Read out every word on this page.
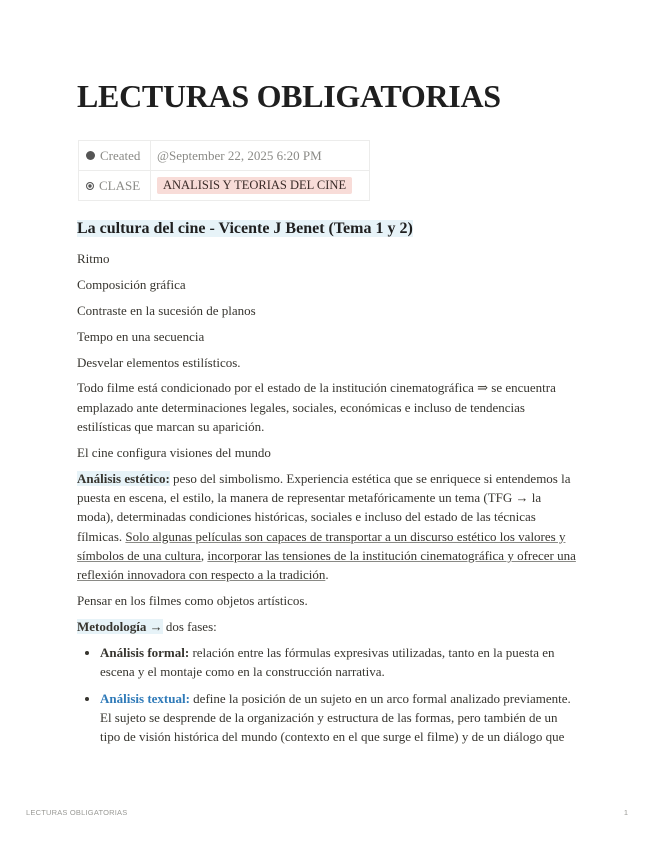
LECTURAS OBLIGATORIAS
Created	@September 22, 2025 6:20 PM
CLASE	ANALISIS Y TEORIAS DEL CINE
La cultura del cine - Vicente J Benet (Tema 1 y 2)

Ritmo

Composición gráfica

Contraste en la sucesión de planos

Tempo en una secuencia

Desvelar elementos estilísticos.

Todo filme está condicionado por el estado de la institución cinematográfica ⇒ se encuentra emplazado ante determinaciones legales, sociales, económicas e incluso de tendencias estilísticas que marcan su aparición.

El cine configura visiones del mundo

Análisis estético: peso del simbolismo. Experiencia estética que se enriquece si entendemos la puesta en escena, el estilo, la manera de representar metafóricamente un tema (TFG → la moda), determinadas condiciones históricas, sociales e incluso del estado de las técnicas fílmicas. Solo algunas películas son capaces de transportar a un discurso estético los valores y símbolos de una cultura, incorporar las tensiones de la institución cinematográfica y ofrecer una reflexión innovadora con respecto a la tradición.

Pensar en los filmes como objetos artísticos.

Metodología → dos fases:

• Análisis formal: relación entre las fórmulas expresivas utilizadas, tanto en la puesta en escena y el montaje como en la construcción narrativa.
• Análisis textual: define la posición de un sujeto en un arco formal analizado previamente. El sujeto se desprende de la organización y estructura de las formas, pero también de un tipo de visión histórica del mundo (contexto en el que surge el filme) y de un diálogo que
LECTURAS OBLIGATORIAS	1
